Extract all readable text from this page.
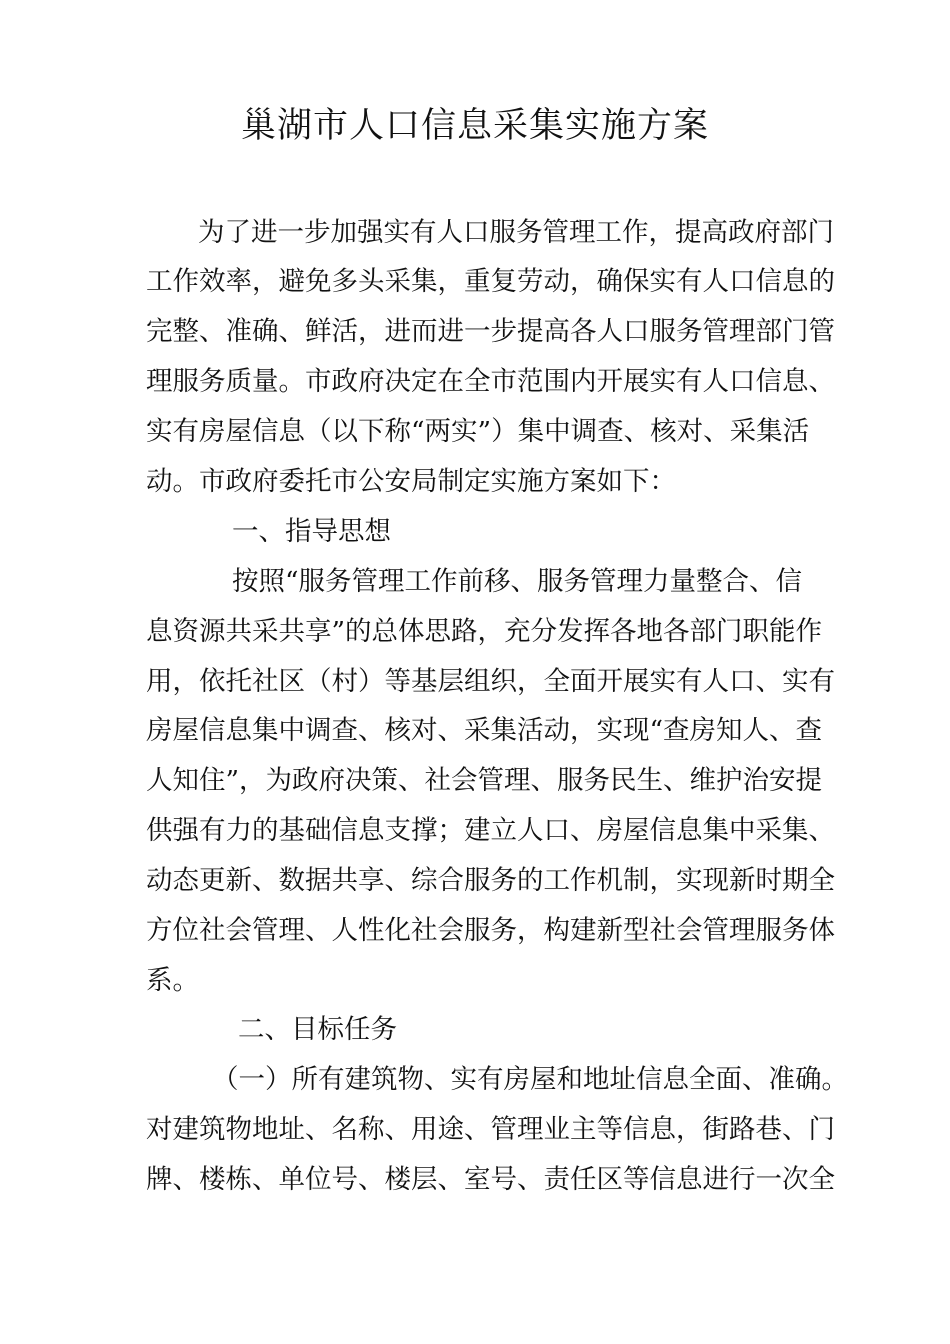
巢湖市人口信息采集实施方案

为了进一步加强实有人口服务管理工作，提高政府部门

工作效率，避免多头采集，重复劳动，确保实有人口信息的

完整、准确、鲜活，进而进一步提高各人口服务管理部门管

理服务质量。市政府决定在全市范围内开展实有人口信息、

实有房屋信息（以下称“两实”）集中调查、核对、采集活

动。市政府委托市公安局制定实施方案如下：

一、指导思想

按照“服务管理工作前移、服务管理力量整合、信

息资源共采共享”的总体思路，充分发挥各地各部门职能作

用，依托社区（村）等基层组织，全面开展实有人口、实有

房屋信息集中调查、核对、采集活动，实现“查房知人、查

人知住”，为政府决策、社会管理、服务民生、维护治安提

供强有力的基础信息支撑；建立人口、房屋信息集中采集、

动态更新、数据共享、综合服务的工作机制，实现新时期全

方位社会管理、人性化社会服务，构建新型社会管理服务体

系。

二、目标任务

（一）所有建筑物、实有房屋和地址信息全面、准确。

对建筑物地址、名称、用途、管理业主等信息，街路巷、门

牌、楼栋、单位号、楼层、室号、责任区等信息进行一次全
